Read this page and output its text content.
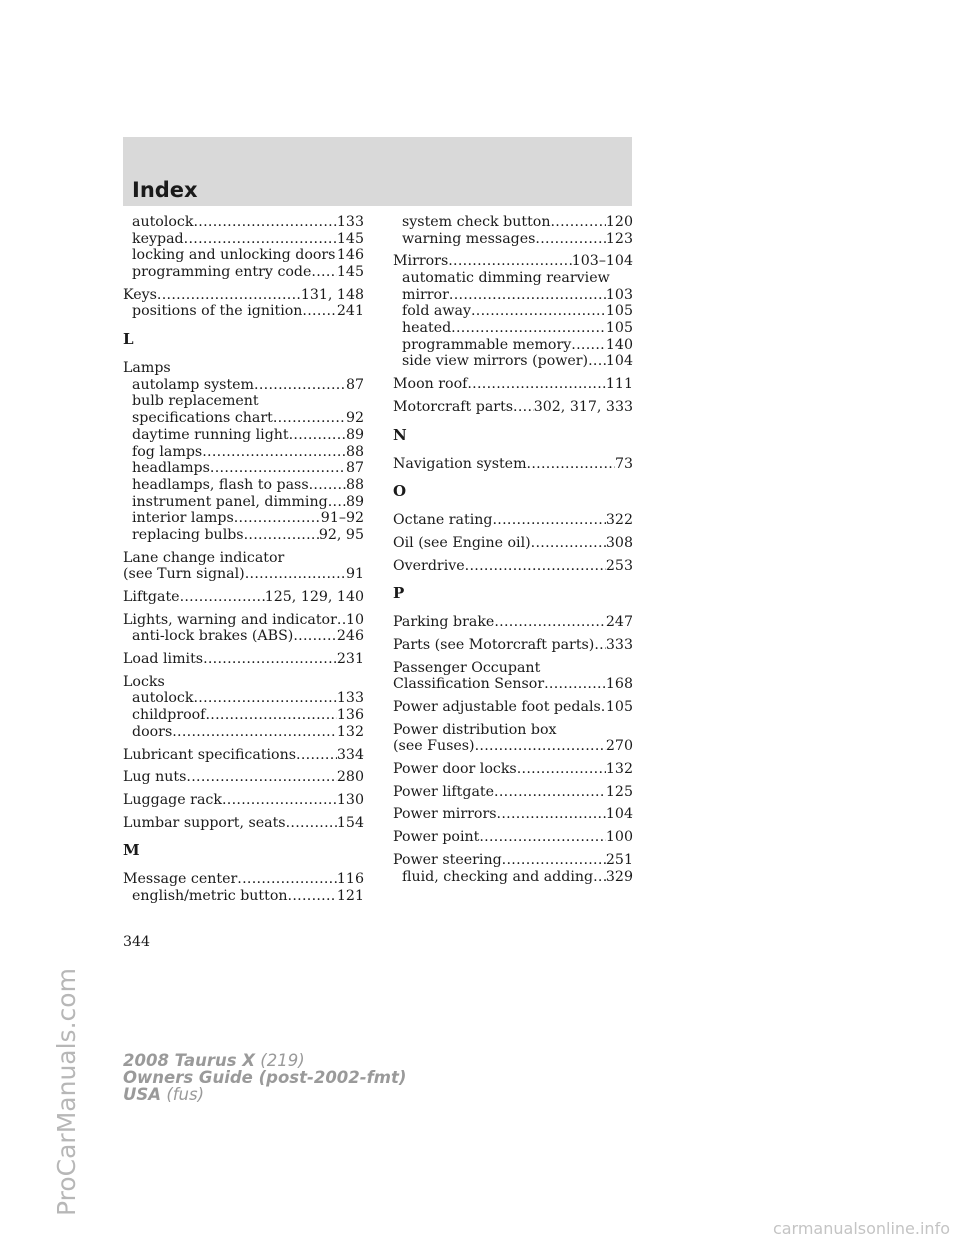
Index
autolock .....	133
keypad .....	145
locking and unlocking doors ..... 146
programming entry code ..... 145
Keys .....	131, 148
positions of the ignition ..... 241
L
Lamps
autolamp system .....	87
bulb replacement
specifications chart .....	92
daytime running light .....	89
fog lamps .....	88
headlamps .....	87
headlamps, flash to pass .....	88
instrument panel, dimming ..... 89
interior lamps .....	91–92
replacing bulbs .....	92, 95
Lane change indicator
(see Turn signal) .....	91
Liftgate .....	125, 129, 140
Lights, warning and indicator ..... 10
anti-lock brakes (ABS) .....	246
Load limits .....	231
Locks
autolock .....	133
childproof .....	136
doors .....	132
Lubricant specifications .....	334
Lug nuts .....	280
Luggage rack .....	130
Lumbar support, seats .....	154
M
Message center .....	116
english/metric button .....	121
system check button .....	120
warning messages .....	123
Mirrors .....	103–104
automatic dimming rearview
mirror .....	103
fold away .....	105
heated .....	105
programmable memory ..... 140
side view mirrors (power) ..... 104
Moon roof .....	111
Motorcraft parts ..... 302, 317, 333
N
Navigation system .....	73
O
Octane rating .....	322
Oil (see Engine oil) .....	308
Overdrive .....	253
P
Parking brake .....	247
Parts (see Motorcraft parts) ..... 333
Passenger Occupant
Classification Sensor .....	168
Power adjustable foot pedals ..... 105
Power distribution box
(see Fuses) .....	270
Power door locks .....	132
Power liftgate .....	125
Power mirrors .....	104
Power point .....	100
Power steering .....	251
fluid, checking and adding ..... 329
344
2008 Taurus X (219)
Owners Guide (post-2002-fmt)
USA (fus)
ProCarManuals.com
carmanualsonline.info
